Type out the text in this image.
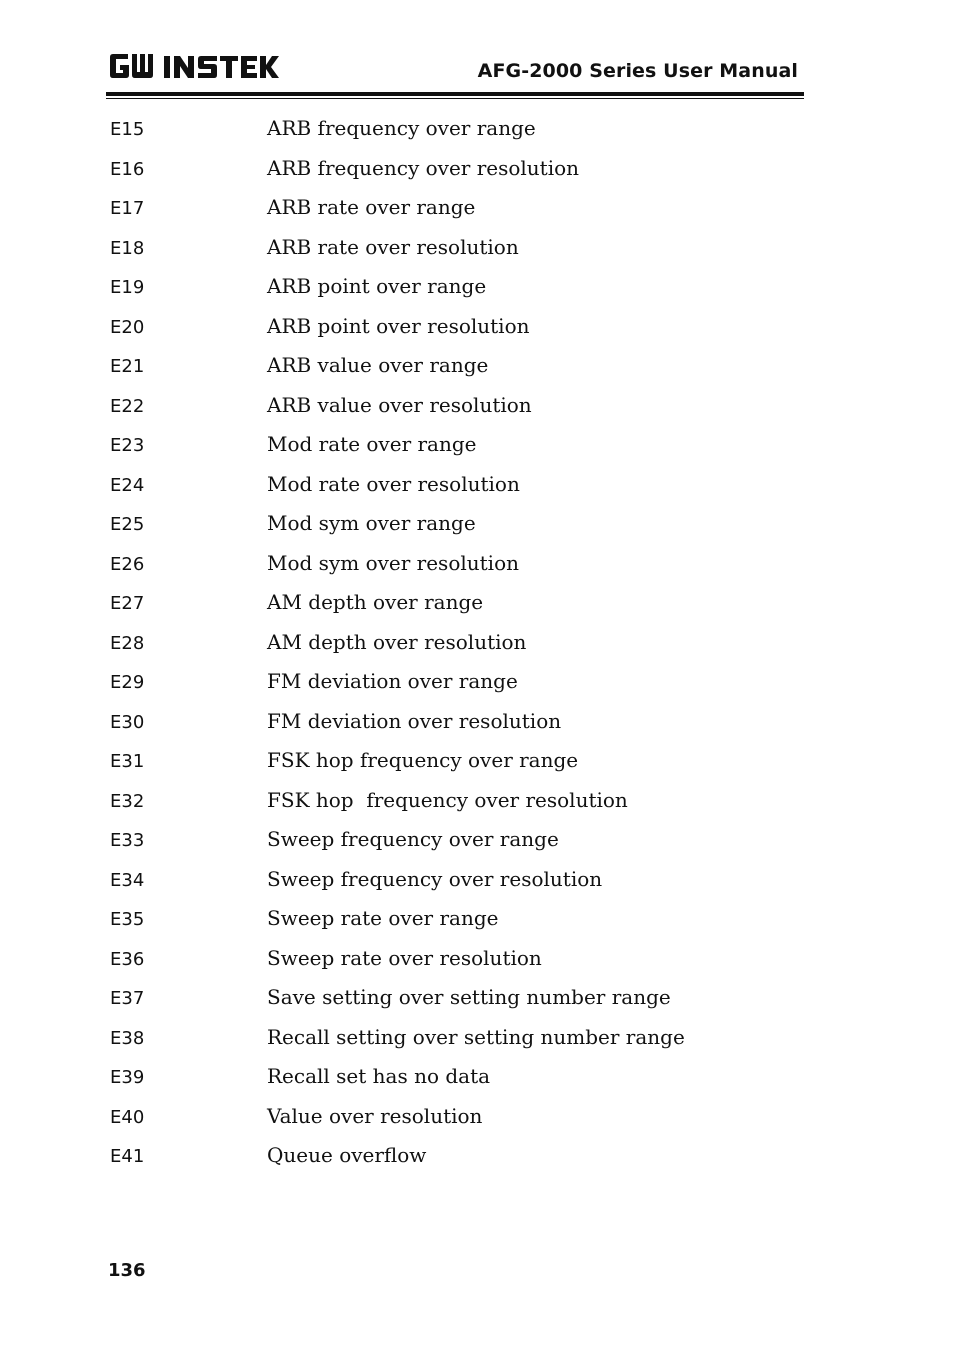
AFG-2000 Series User Manual
E15	ARB frequency over range
E16	ARB frequency over resolution
E17	ARB rate over range
E18	ARB rate over resolution
E19	ARB point over range
E20	ARB point over resolution
E21	ARB value over range
E22	ARB value over resolution
E23	Mod rate over range
E24	Mod rate over resolution
E25	Mod sym over range
E26	Mod sym over resolution
E27	AM depth over range
E28	AM depth over resolution
E29	FM deviation over range
E30	FM deviation over resolution
E31	FSK hop frequency over range
E32	FSK hop  frequency over resolution
E33	Sweep frequency over range
E34	Sweep frequency over resolution
E35	Sweep rate over range
E36	Sweep rate over resolution
E37	Save setting over setting number range
E38	Recall setting over setting number range
E39	Recall set has no data
E40	Value over resolution
E41	Queue overflow
136
